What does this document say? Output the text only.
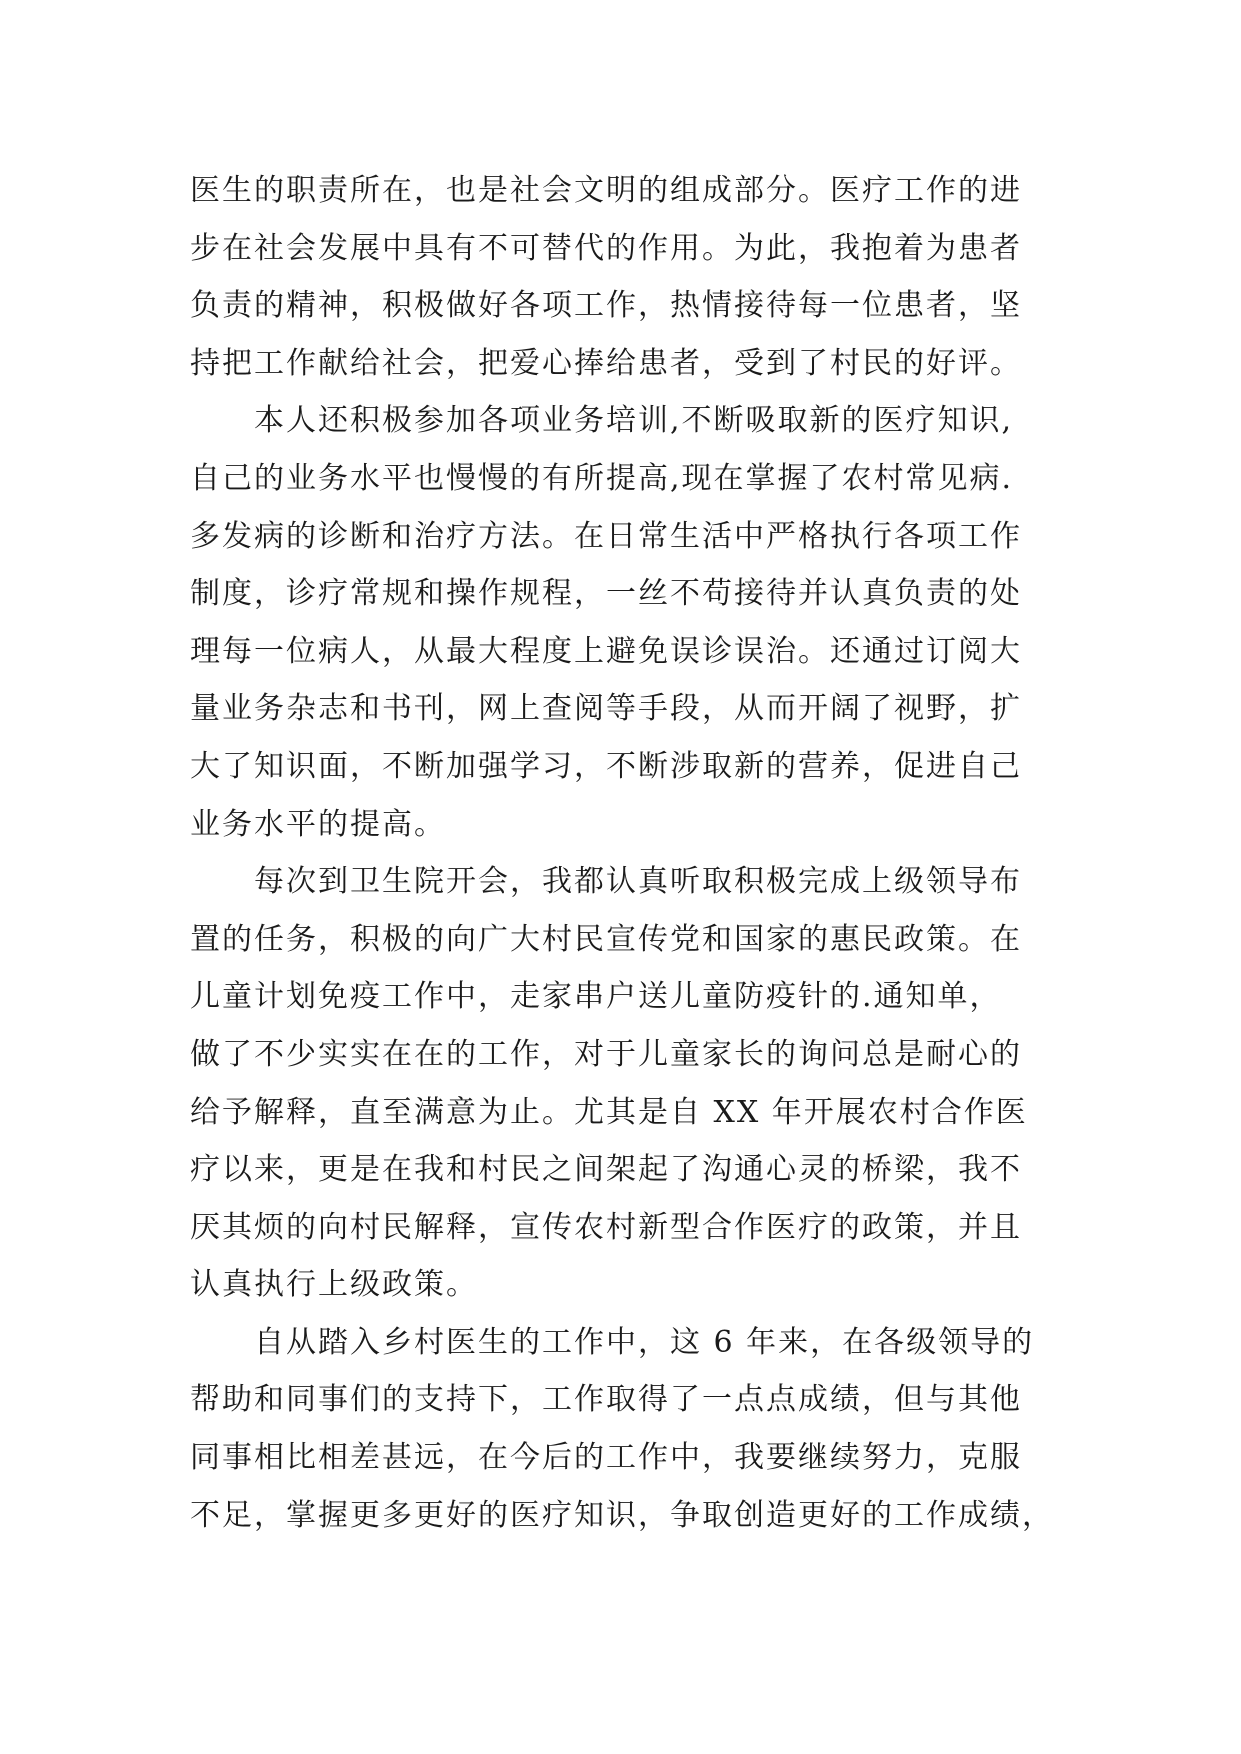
医生的职责所在，也是社会文明的组成部分。医疗工作的进
步在社会发展中具有不可替代的作用。为此，我抱着为患者
负责的精神，积极做好各项工作，热情接待每一位患者，坚
持把工作献给社会，把爱心捧给患者，受到了村民的好评。
本人还积极参加各项业务培训,不断吸取新的医疗知识,
自己的业务水平也慢慢的有所提高,现在掌握了农村常见病.
多发病的诊断和治疗方法。在日常生活中严格执行各项工作
制度，诊疗常规和操作规程，一丝不苟接待并认真负责的处
理每一位病人，从最大程度上避免误诊误治。还通过订阅大
量业务杂志和书刊，网上查阅等手段，从而开阔了视野，扩
大了知识面，不断加强学习，不断涉取新的营养，促进自己
业务水平的提高。
每次到卫生院开会，我都认真听取积极完成上级领导布
置的任务，积极的向广大村民宣传党和国家的惠民政策。在
儿童计划免疫工作中，走家串户送儿童防疫针的.通知单，
做了不少实实在在的工作，对于儿童家长的询问总是耐心的
给予解释，直至满意为止。尤其是自 XX 年开展农村合作医
疗以来，更是在我和村民之间架起了沟通心灵的桥梁，我不
厌其烦的向村民解释，宣传农村新型合作医疗的政策，并且
认真执行上级政策。
自从踏入乡村医生的工作中，这 6 年来，在各级领导的
帮助和同事们的支持下，工作取得了一点点成绩，但与其他
同事相比相差甚远，在今后的工作中，我要继续努力，克服
不足，掌握更多更好的医疗知识，争取创造更好的工作成绩，
